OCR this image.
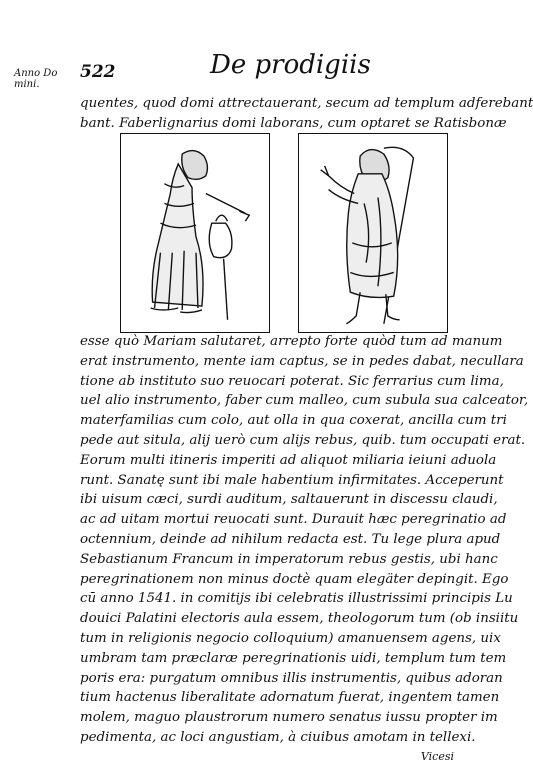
Anno Do
mini.
522	De prodigiis
quentes, quod domi attrectauerant, secum ad templum adferebant
bant. Faberlignarius domi laborans, cum optaret se Ratisbonæ
esse quò Mariam salutaret, arrepto forte quòd tum ad manum
erat instrumento, mente iam captus, se in pedes dabat, necullara
tione ab instituto suo reuocari poterat. Sic ferrarius cum lima,
uel alio instrumento, faber cum malleo, cum subula sua calceator,
materfamilias cum colo, aut olla in qua coxerat, ancilla cum tri
pede aut situla, alij uerò cum alijs rebus, quib. tum occupati erat.
Eorum multi itineris imperiti ad aliquot miliaria ieiuni aduola
runt. Sanatę sunt ibi male habentium infirmitates. Acceperunt
ibi uisum cæci, surdi auditum, saltauerunt in discessu claudi,
ac ad uitam mortui reuocati sunt. Durauit hæc peregrinatio ad
octennium, deinde ad nihilum redacta est. Tu lege plura apud
Sebastianum Francum in imperatorum rebus gestis, ubi hanc
peregrinationem non minus doctè quam elegäter depingit. Ego
cū anno 1541. in comitijs ibi celebratis illustrissimi principis Lu
douici Palatini electoris aula essem, theologorum tum (ob insiitu
tum in religionis negocio colloquium) amanuensem agens, uix
umbram tam præclaræ peregrinationis uidi, templum tum tem
poris era: purgatum omnibus illis instrumentis, quibus adoran
tium hactenus liberalitate adornatum fuerat, ingentem tamen
molem, maguo plaustrorum numero senatus iussu propter im
pedimenta, ac loci angustiam, à ciuibus amotam in tellexi.
Vicesi
